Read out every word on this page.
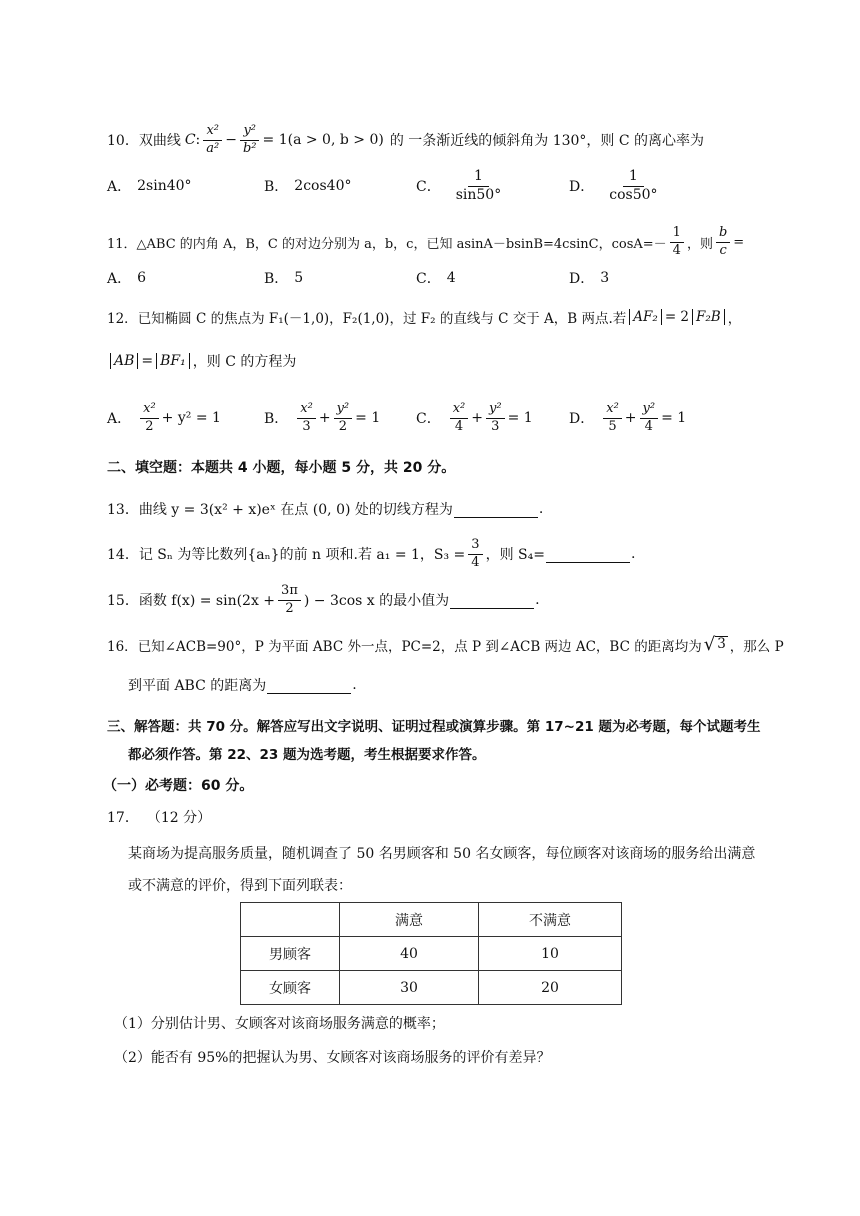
10． 双曲线 C : $\frac{\text{x²}}{\text{a²}} - \frac{\text{y²}}{\text{b²}} = 1(a > 0$, b > 0) 的 一条渐近线的倾斜角为 130°，则 C 的离心率为
A． 2sin40°	B． 2cos40°	C． $\frac{1}{\sin 50^\circ}$	D． $\frac{1}{\cos 50^\circ}$
11． △ABC 的内角 A，B，C 的对边分别为 a，b，c，已知 asinA－bsinB=4csinC，$\cos A=- \frac{1}{4}$ ，则 $\frac{b}{c}$ =
A． 6	B． 5	C． 4	D． 3
12． 已知椭圆 C 的焦点为 F₁(－1,0)，F₂(1,0)，过 F₂ 的直线与 C 交于 A，B 两点.若 AF₂ = 2 F₂B ，
AB = BF₁ ，则 C 的方程为
A． $\frac{\text{x²}}{2} + y^2 = 1$	B． $\frac{\text{x²}}{3} + \frac{\text{y²}}{2} = 1$	C． $\frac{\text{x²}}{4} + \frac{\text{y²}}{3} = 1$	D． $\frac{\text{x²}}{5} + \frac{\text{y²}}{4} = 1$
二、填空题：本题共 4 小题，每小题 5 分，共 20 分。
13． 曲线 y = 3(x² + x)eˣ 在点 (0, 0) 处的切线方程为	.
14． 记 Sₙ 为等比数列{aₙ}的前 n 项和.若 a₁ = 1，$S_3 = \frac{3}{4}$ ，则 S₄=	.
15． 函数 $f(x) = \sin(2x + \frac{3\pi}{2}$ ) − 3cos x 的最小值为	.
16． 已知∠ACB=90°，P 为平面 ABC 外一点，PC=2，点 P 到∠ACB 两边 AC，BC 的距离均为 √ 3 ，那么 P
到平面 ABC 的距离为	.
三、解答题：共 70 分。解答应写出文字说明、证明过程或演算步骤。第 17~21 题为必考题，每个试题考生
都必须作答。第 22、23 题为选考题，考生根据要求作答。
（一）必考题：60 分。
17． （12 分）
某商场为提高服务质量，随机调查了 50 名男顾客和 50 名女顾客，每位顾客对该商场的服务给出满意
或不满意的评价，得到下面列联表：
	满意	不满意
男顾客	40	10
女顾客	30	20
（1）分别估计男、女顾客对该商场服务满意的概率；
（2）能否有 95%的把握认为男、女顾客对该商场服务的评价有差异？
